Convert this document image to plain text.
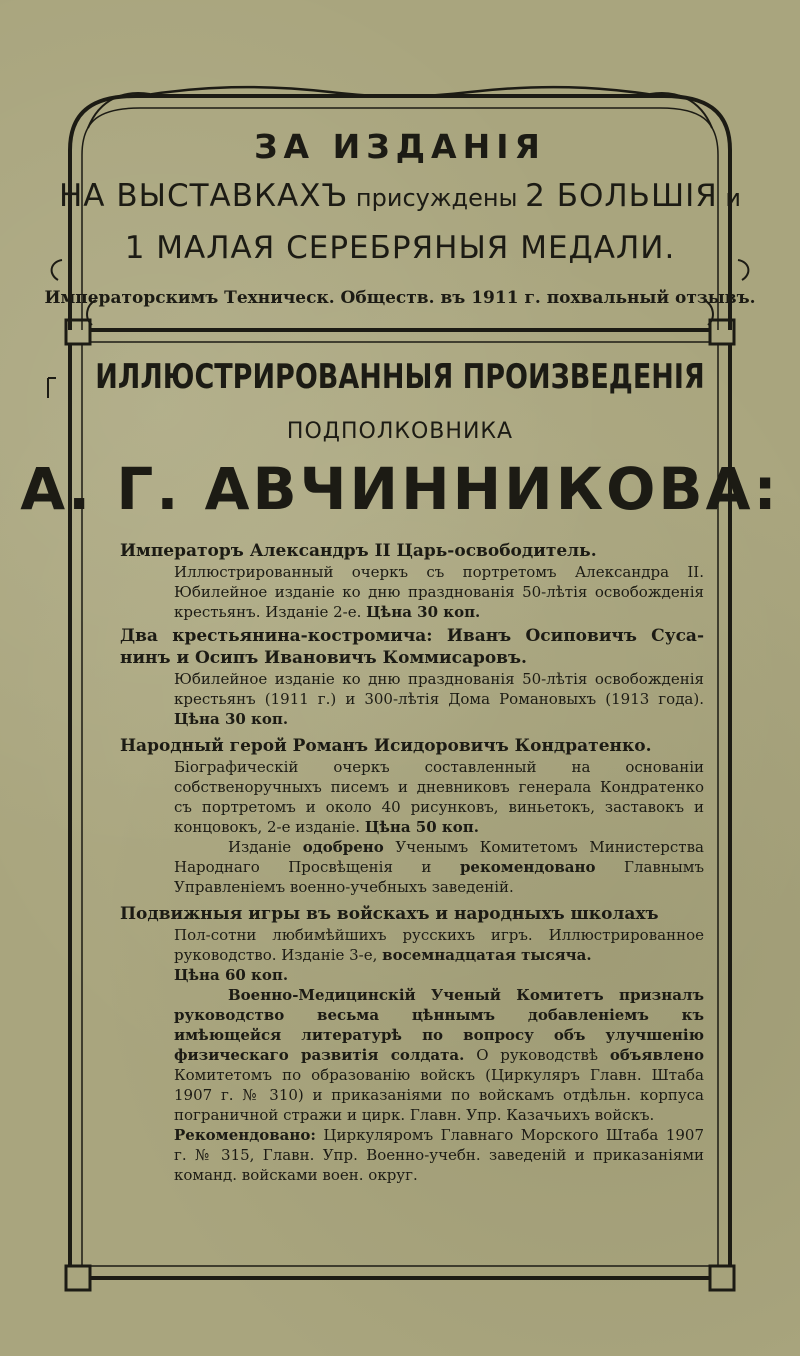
ЗА ИЗДАНІЯ
НА ВЫСТАВКАХЪ присуждены 2 БОЛЬШІЯ и
1 МАЛАЯ СЕРЕБРЯНЫЯ МЕДАЛИ.
Императорскимъ Техническ. Обществ. въ 1911 г. похвальный отзывъ.
ИЛЛЮСТРИРОВАННЫЯ ПРОИЗВЕДЕНІЯ
ПОДПОЛКОВНИКА
А. Г. АВЧИННИКОВА:
Императоръ Александръ II Царь-освободитель.
Иллюстрированный очеркъ съ портретомъ Александра II. Юбилейное изданіе ко дню празднованія 50-лѣтія освобожденія крестьянъ. Изданіе 2-е. Цѣна 30 коп.
Два крестьянина-костромича: Иванъ Осиповичъ Суса-
нинъ и Осипъ Ивановичъ Коммисаровъ.
Юбилейное изданіе ко дню празднованія 50-лѣтія освобожденія крестьянъ (1911 г.) и 300-лѣтія Дома Романовыхъ (1913 года). Цѣна 30 коп.
Народный герой Романъ Исидоровичъ Кондратенко.
Біографическій очеркъ составленный на основаніи собственоручныхъ писемъ и дневниковъ генерала Кондратенко съ портретомъ и около 40 рисунковъ, виньетокъ, заставокъ и концовокъ, 2-е изданіе. Цѣна 50 коп.
Изданіе одобрено Ученымъ Комитетомъ Министерства Народнаго Просвѣщенія и рекомендовано Главнымъ Управленіемъ военно-учебныхъ заведеній.
Подвижныя игры въ войскахъ и народныхъ школахъ
Пол-сотни любимѣйшихъ русскихъ игръ. Иллюстрированное руководство. Изданіе 3-е, восемнадцатая тысяча.
Цѣна 60 коп.
Военно-Медицинскій Ученый Комитетъ призналъ руководство весьма цѣннымъ добавленіемъ къ имѣющейся литературѣ по вопросу объ улучшенію физическаго развитія солдата. О руководствѣ объявлено Комитетомъ по образованію войскъ (Циркуляръ Главн. Штаба 1907 г. № 310) и приказаніями по войскамъ отдѣльн. корпуса пограничной стражи и цирк. Главн. Упр. Казачьихъ войскъ.
Рекомендовано: Циркуляромъ Главнаго Морского Штаба 1907 г. № 315, Главн. Упр. Военно-учебн. заведеній и приказаніями команд. войсками воен. округ.
